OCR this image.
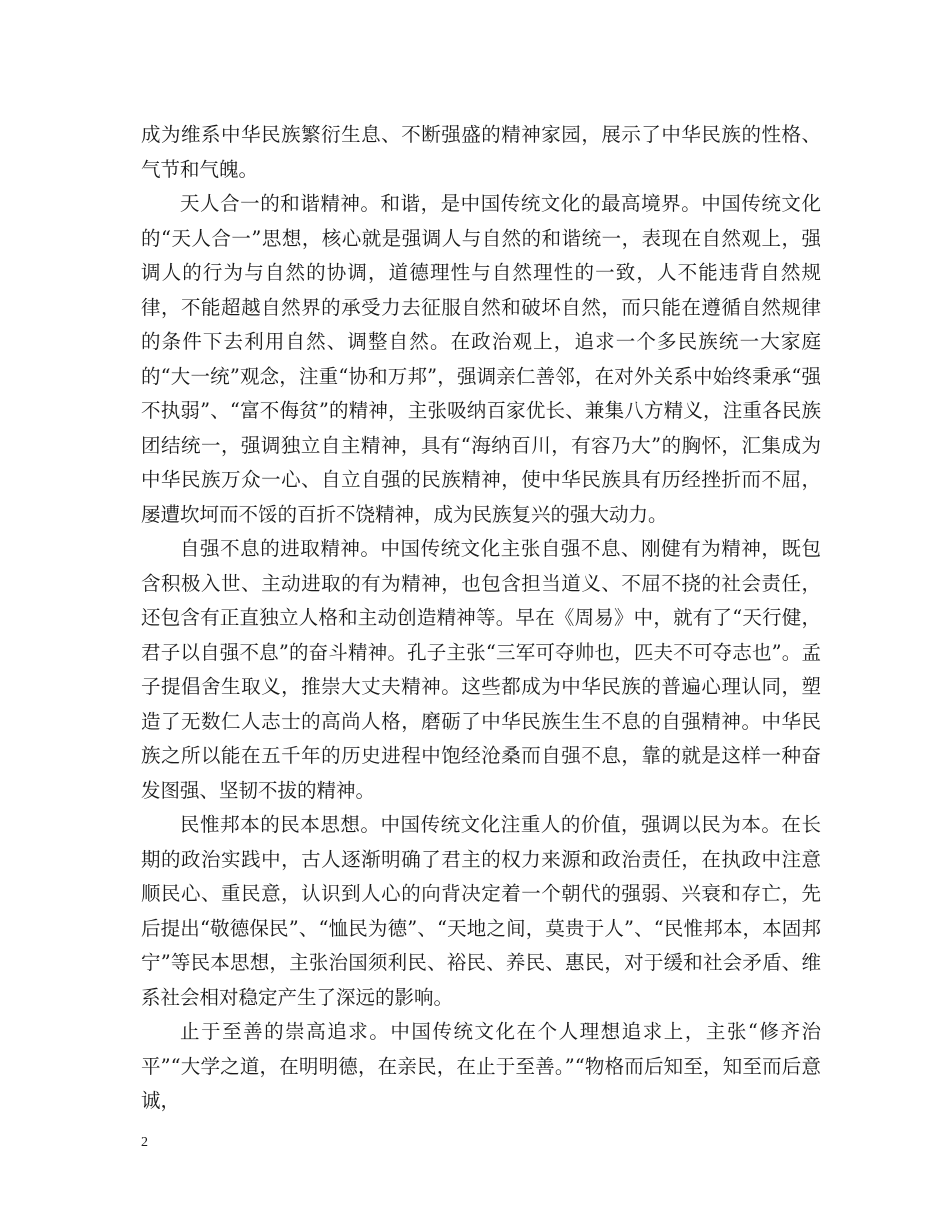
成为维系中华民族繁衍生息、不断强盛的精神家园，展示了中华民族的性格、气节和气魄。

天人合一的和谐精神。和谐，是中国传统文化的最高境界。中国传统文化的“天人合一”思想，核心就是强调人与自然的和谐统一，表现在自然观上，强调人的行为与自然的协调，道德理性与自然理性的一致，人不能违背自然规律，不能超越自然界的承受力去征服自然和破坏自然，而只能在遵循自然规律的条件下去利用自然、调整自然。在政治观上，追求一个多民族统一大家庭的“大一统”观念，注重“协和万邦”，强调亲仁善邻，在对外关系中始终秉承“强不执弱”、“富不侮贫”的精神，主张吸纳百家优长、兼集八方精义，注重各民族团结统一，强调独立自主精神，具有“海纳百川，有容乃大”的胸怀，汇集成为中华民族万众一心、自立自强的民族精神，使中华民族具有历经挫折而不屈，屡遭坎坷而不馁的百折不饶精神，成为民族复兴的强大动力。

自强不息的进取精神。中国传统文化主张自强不息、刚健有为精神，既包含积极入世、主动进取的有为精神，也包含担当道义、不屈不挠的社会责任，还包含有正直独立人格和主动创造精神等。早在《周易》中，就有了“天行健，君子以自强不息”的奋斗精神。孔子主张“三军可夺帅也，匹夫不可夺志也”。孟子提倡舍生取义，推崇大丈夫精神。这些都成为中华民族的普遍心理认同，塑造了无数仁人志士的高尚人格，磨砺了中华民族生生不息的自强精神。中华民族之所以能在五千年的历史进程中饱经沧桑而自强不息，靠的就是这样一种奋发图强、坚韧不拔的精神。

民惟邦本的民本思想。中国传统文化注重人的价值，强调以民为本。在长期的政治实践中，古人逐渐明确了君主的权力来源和政治责任，在执政中注意顺民心、重民意，认识到人心的向背决定着一个朝代的强弱、兴衰和存亡，先后提出“敬德保民”、“恤民为德”、“天地之间，莫贵于人”、“民惟邦本，本固邦宁”等民本思想，主张治国须利民、裕民、养民、惠民，对于缓和社会矛盾、维系社会相对稳定产生了深远的影响。

止于至善的崇高追求。中国传统文化在个人理想追求上，主张“修齐治平”“大学之道，在明明德，在亲民，在止于至善。”“物格而后知至，知至而后意诚，

2
